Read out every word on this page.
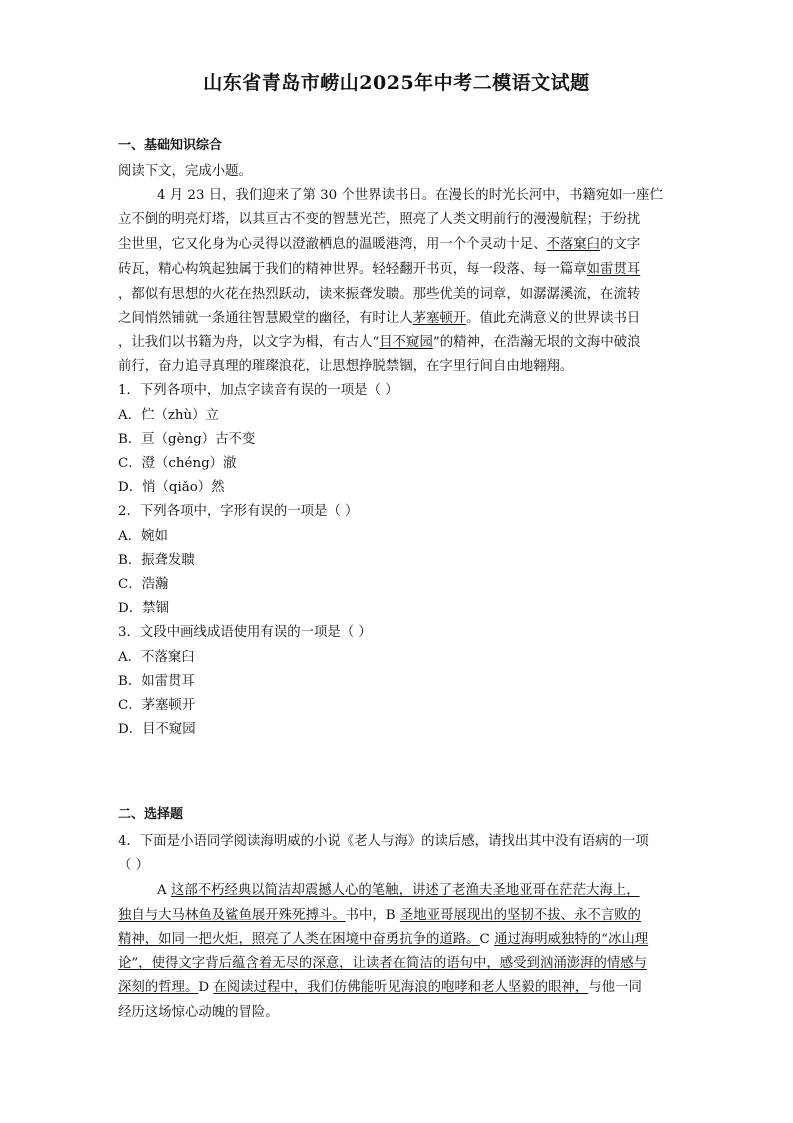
山东省青岛市崂山2025年中考二模语文试题
一、基础知识综合
阅读下文，完成小题。
4 月 23 日，我们迎来了第 30 个世界读书日。在漫长的时光长河中，书籍宛如一座伫
立不倒的明亮灯塔，以其亘古不变的智慧光芒，照亮了人类文明前行的漫漫航程；于纷扰
尘世里，它又化身为心灵得以澄澈栖息的温暖港湾，用一个个灵动十足、不落窠臼的文字
砖瓦，精心构筑起独属于我们的精神世界。轻轻翻开书页，每一段落、每一篇章如雷贯耳
，都似有思想的火花在热烈跃动，读来振聋发聩。那些优美的词章，如潺潺溪流，在流转
之间悄然铺就一条通往智慧殿堂的幽径，有时让人茅塞顿开。值此充满意义的世界读书日
，让我们以书籍为舟，以文字为楫，有古人“目不窥园”的精神，在浩瀚无垠的文海中破浪
前行，奋力追寻真理的璀璨浪花，让思想挣脱禁锢，在字里行间自由地翱翔。
1．下列各项中，加点字读音有误的一项是（ ）
A．伫（zhù）立
B．亘（gèng）古不变
C．澄（chéng）澈
D．悄（qiǎo）然
2．下列各项中，字形有误的一项是（ ）
A．婉如
B．振聋发聩
C．浩瀚
D．禁锢
3．文段中画线成语使用有误的一项是（ ）
A．不落窠臼
B．如雷贯耳
C．茅塞顿开
D．目不窥园
二、选择题
4．下面是小语同学阅读海明威的小说《老人与海》的读后感，请找出其中没有语病的一项
（ ）
A 这部不朽经典以简洁却震撼人心的笔触，讲述了老渔夫圣地亚哥在茫茫大海上，
独自与大马林鱼及鲨鱼展开殊死搏斗。书中，B 圣地亚哥展现出的坚韧不拔、永不言败的
精神，如同一把火炬，照亮了人类在困境中奋勇抗争的道路。C 通过海明威独特的“冰山理
论”，使得文字背后蕴含着无尽的深意，让读者在简洁的语句中，感受到汹涌澎湃的情感与
深刻的哲理。D 在阅读过程中，我们仿佛能听见海浪的咆哮和老人坚毅的眼神，与他一同
经历这场惊心动魄的冒险。
